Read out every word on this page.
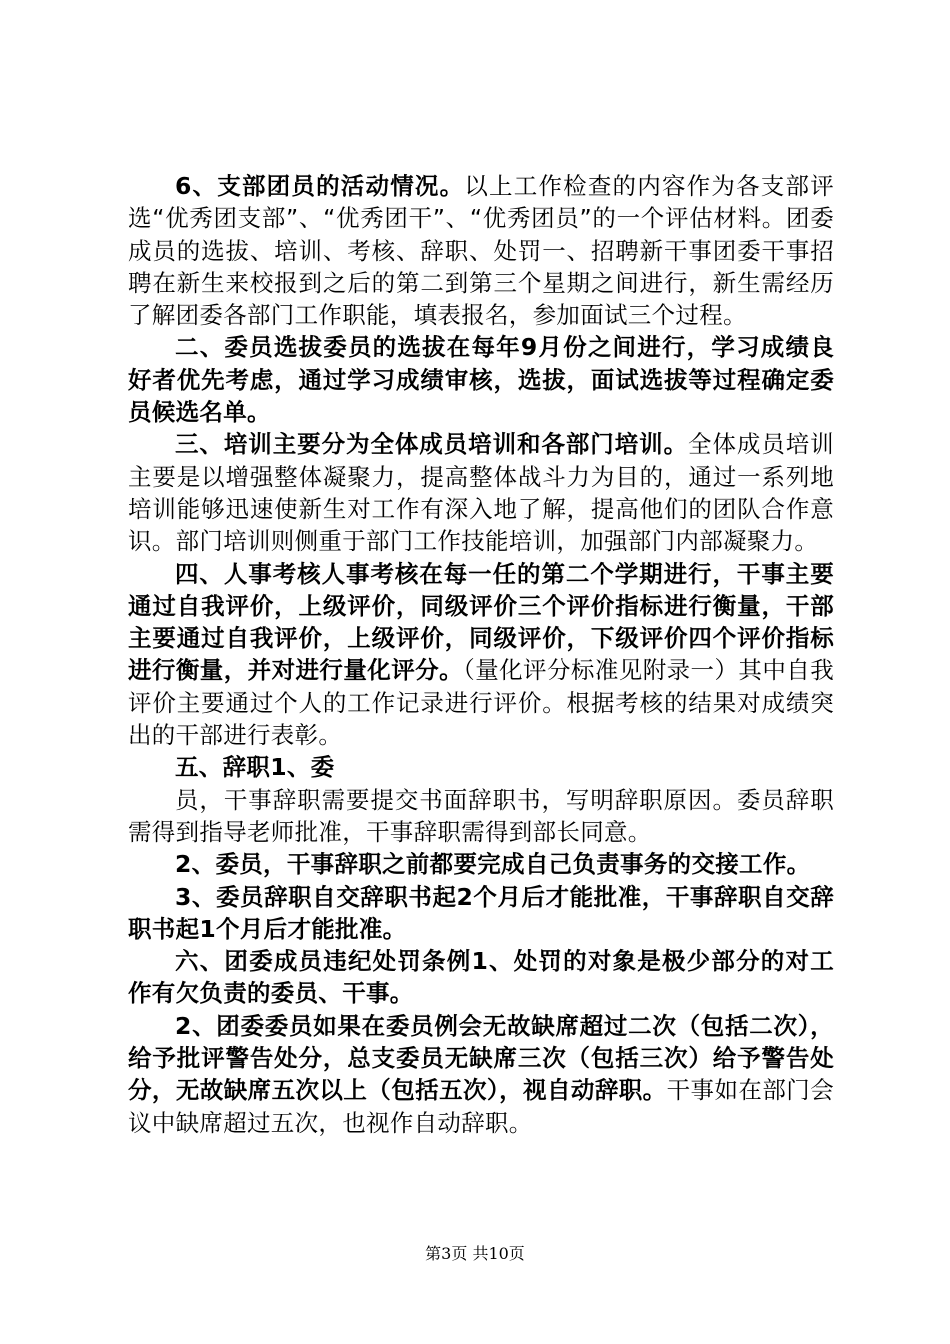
6、支部团员的活动情况。以上工作检查的内容作为各支部评选“优秀团支部”、“优秀团干”、“优秀团员”的一个评估材料。团委成员的选拔、培训、考核、辞职、处罚一、招聘新干事团委干事招聘在新生来校报到之后的第二到第三个星期之间进行，新生需经历了解团委各部门工作职能，填表报名，参加面试三个过程。

二、委员选拔委员的选拔在每年9月份之间进行，学习成绩良好者优先考虑，通过学习成绩审核，选拔，面试选拔等过程确定委员候选名单。

三、培训主要分为全体成员培训和各部门培训。全体成员培训主要是以增强整体凝聚力，提高整体战斗力为目的，通过一系列地培训能够迅速使新生对工作有深入地了解，提高他们的团队合作意识。部门培训则侧重于部门工作技能培训，加强部门内部凝聚力。

四、人事考核人事考核在每一任的第二个学期进行，干事主要通过自我评价，上级评价，同级评价三个评价指标进行衡量，干部主要通过自我评价，上级评价，同级评价，下级评价四个评价指标进行衡量，并对进行量化评分。（量化评分标准见附录一）其中自我评价主要通过个人的工作记录进行评价。根据考核的结果对成绩突出的干部进行表彰。

五、辞职1、委

员，干事辞职需要提交书面辞职书，写明辞职原因。委员辞职需得到指导老师批准，干事辞职需得到部长同意。

2、委员，干事辞职之前都要完成自己负责事务的交接工作。

3、委员辞职自交辞职书起2个月后才能批准，干事辞职自交辞职书起1个月后才能批准。

六、团委成员违纪处罚条例1、处罚的对象是极少部分的对工作有欠负责的委员、干事。

2、团委委员如果在委员例会无故缺席超过二次（包括二次），给予批评警告处分，总支委员无缺席三次（包括三次）给予警告处分，无故缺席五次以上（包括五次），视自动辞职。干事如在部门会议中缺席超过五次，也视作自动辞职。

第3页 共10页
